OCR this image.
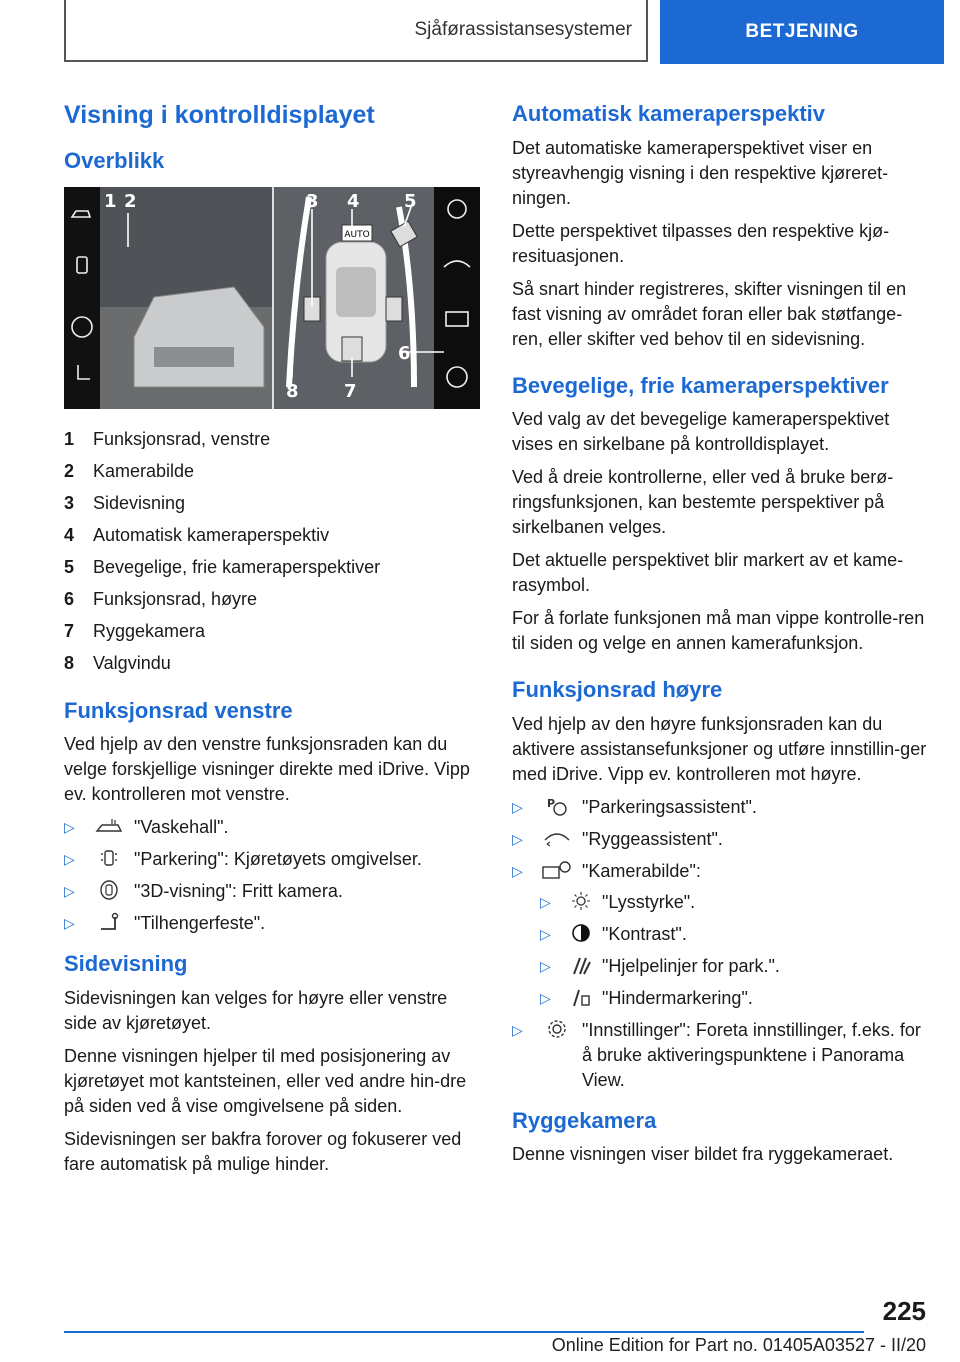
Sjåførassistansesystemer	BETJENING
Visning i kontrolldisplayet
Overblikk
AUTO
1 2	3 4 5
6
7
8
1	Funksjonsrad, venstre
2	Kamerabilde
3	Sidevisning
4	Automatisk kameraperspektiv
5	Bevegelige, frie kameraperspektiver
6	Funksjonsrad, høyre
7	Ryggekamera
8	Valgvindu
Funksjonsrad venstre

Ved hjelp av den venstre funksjonsraden kan du velge forskjellige visninger direkte med iDrive. Vipp ev. kontrolleren mot venstre.

▷	"Vaskehall".
▷	"Parkering": Kjøretøyets omgivelser.
▷	"3D-visning": Fritt kamera.
▷	"Tilhengerfeste".
Sidevisning

Sidevisningen kan velges for høyre eller venstre side av kjøretøyet.

Denne visningen hjelper til med posisjonering av kjøretøyet mot kantsteinen, eller ved andre hin-dre på siden ved å vise omgivelsene på siden.

Sidevisningen ser bakfra forover og fokuserer ved fare automatisk på mulige hinder.

Automatisk kameraperspektiv

Det automatiske kameraperspektivet viser en styreavhengig visning i den respektive kjøreret-ningen.

Dette perspektivet tilpasses den respektive kjø-resituasjonen.

Så snart hinder registreres, skifter visningen til en fast visning av området foran eller bak støtfange-ren, eller skifter ved behov til en sidevisning.

Bevegelige, frie kameraperspektiver

Ved valg av det bevegelige kameraperspektivet vises en sirkelbane på kontrolldisplayet.

Ved å dreie kontrollerne, eller ved å bruke berø-ringsfunksjonen, kan bestemte perspektiver på sirkelbanen velges.

Det aktuelle perspektivet blir markert av et kame-rasymbol.

For å forlate funksjonen må man vippe kontrolle-ren til siden og velge en annen kamerafunksjon.

Funksjonsrad høyre

Ved hjelp av den høyre funksjonsraden kan du aktivere assistansefunksjoner og utføre innstillin-ger med iDrive. Vipp ev. kontrolleren mot høyre.

▷	P "Parkeringsassistent".
▷	"Ryggeassistent".
▷	"Kamerabilde":
▷	"Lysstyrke".
▷	"Kontrast".
▷	"Hjelpelinjer for park.".
▷	"Hindermarkering".
▷	"Innstillinger": Foreta innstillinger, f.eks. for å bruke aktiveringspunktene i Panorama View.
Ryggekamera

Denne visningen viser bildet fra ryggekameraet.

225
Online Edition for Part no. 01405A03527 - II/20
